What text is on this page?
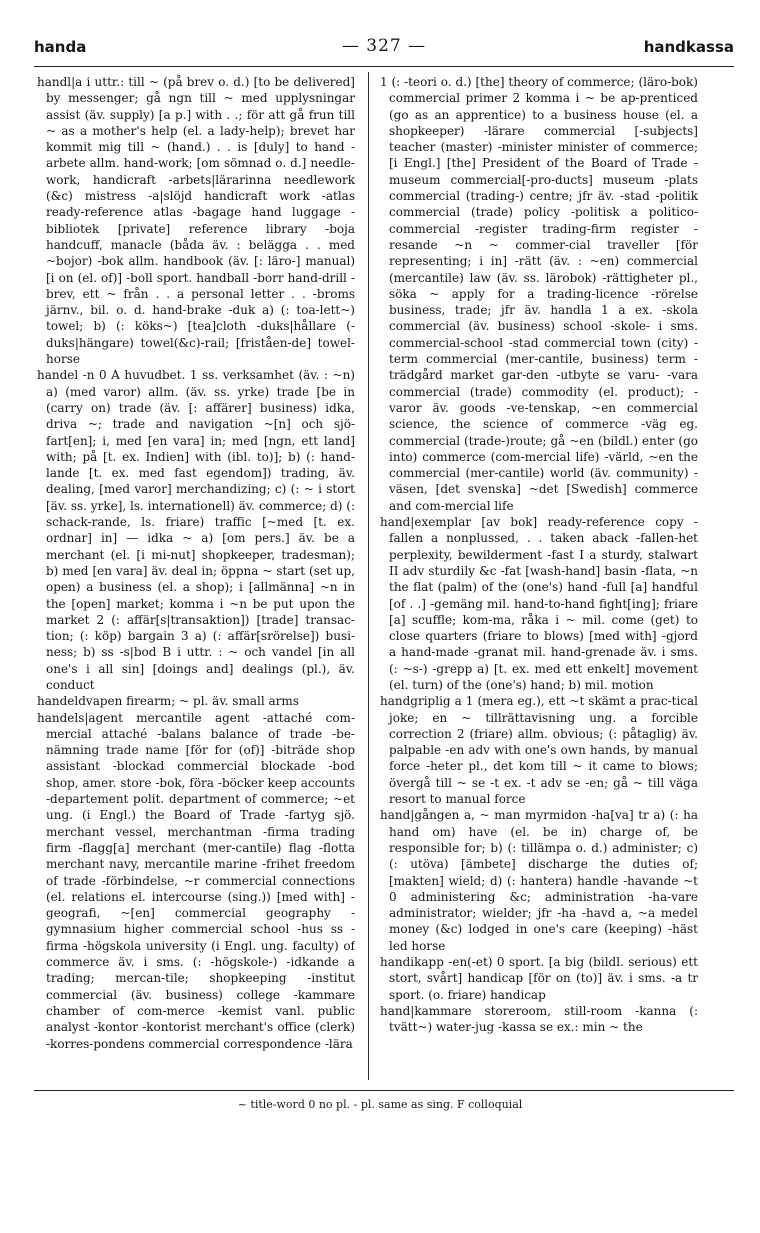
handa	— 327 —	handkassa

handl|a i uttr.: till ~ (på brev o. d.) [to be delivered] by messenger; gå ngn till ~ med upplysningar assist (äv. supply) [a p.] with . .; för att gå frun till ~ as a mother's help (el. a lady-help); brevet har kommit mig till ~ (hand.) . . is [duly] to hand -arbete allm. hand-work; [om sömnad o. d.] needle-work, handicraft -arbets|lärarinna needlework (&c) mistress -a|slöjd handicraft work -atlas ready-reference atlas -bagage hand luggage -bibliotek [private] reference library -boja handcuff, manacle (båda äv. : belägga . . med ~bojor) -bok allm. handbook (äv. [: läro-] manual) [i on (el. of)] -boll sport. handball -borr hand-drill -brev, ett ~ från . . a personal letter . . -broms järnv., bil. o. d. hand-brake -duk a) (: toa-lett~) towel; b) (: köks~) [tea]cloth -duks|hållare (-duks|hängare) towel(&c)-rail; [friståen-de] towel-horse

handel -n 0 A huvudbet. 1 ss. verksamhet (äv. : ~n) a) (med varor) allm. (äv. ss. yrke) trade [be in (carry on) trade (äv. [: affärer] business) idka, driva ~; trade and navigation ~[n] och sjö-fart[en]; i, med [en vara] in; med [ngn, ett land] with; på [t. ex. Indien] with (ibl. to)]; b) (: hand-lande [t. ex. med fast egendom]) trading, äv. dealing, [med varor] merchandizing; c) (: ~ i stort [äv. ss. yrke], ls. internationell) äv. commerce; d) (: schack-rande, ls. friare) traffic [~med [t. ex. ordnar] in] — idka ~ a) [om pers.] äv. be a merchant (el. [i mi-nut] shopkeeper, tradesman); b) med [en vara] äv. deal in; öppna ~ start (set up, open) a business (el. a shop); i [allmänna] ~n in the [open] market; komma i ~n be put upon the market 2 (: affär[s|transaktion]) [trade] transac-tion; (: köp) bargain 3 a) (: affär[srörelse]) busi-ness; b) ss -s|bod B i uttr. : ~ och vandel [in all one's i all sin] [doings and] dealings (pl.), äv. conduct

handeldvapen firearm; ~ pl. äv. small arms

handels|agent mercantile agent -attaché com-mercial attaché -balans balance of trade -be-nämning trade name [för for (of)] -biträde shop assistant -blockad commercial blockade -bod shop, amer. store -bok, föra -böcker keep accounts -departement polit. department of commerce; ~et ung. (i Engl.) the Board of Trade -fartyg sjö. merchant vessel, merchantman -firma trading firm -flagg[a] merchant (mer-cantile) flag -flotta merchant navy, mercantile marine -frihet freedom of trade -förbindelse, ~r commercial connections (el. relations el. intercourse (sing.)) [med with] -geografi, ~[en] commercial geography -gymnasium higher commercial school -hus ss -firma -högskola university (i Engl. ung. faculty) of commerce äv. i sms. (: -högskole-) -idkande a trading; mercan-tile; shopkeeping -institut commercial (äv. business) college -kammare chamber of com-merce -kemist vanl. public analyst -kontor -kontorist merchant's office (clerk) -korres-pondens commercial correspondence -lära

1 (: -teori o. d.) [the] theory of commerce; (läro-bok) commercial primer 2 komma i ~ be ap-prenticed (go as an apprentice) to a business house (el. a shopkeeper) -lärare commercial [-subjects] teacher (master) -minister minister of commerce; [i Engl.] [the] President of the Board of Trade -museum commercial[-pro-ducts] museum -plats commercial (trading-) centre; jfr äv. -stad -politik commercial (trade) policy -politisk a politico-commercial -register trading-firm register -resande ~n ~ commer-cial traveller [för representing; i in] -rätt (äv. : ~en) commercial (mercantile) law (äv. ss. lärobok) -rättigheter pl., söka ~ apply for a trading-licence -rörelse business, trade; jfr äv. handla 1 a ex. -skola commercial (äv. business) school -skole- i sms. commercial-school -stad commercial town (city) -term commercial (mer-cantile, business) term -trädgård market gar-den -utbyte se varu- -vara commercial (trade) commodity (el. product); -varor äv. goods -ve-tenskap, ~en commercial science, the science of commerce -väg eg. commercial (trade-)route; gå ~en (bildl.) enter (go into) commerce (com-mercial life) -värld, ~en the commercial (mer-cantile) world (äv. community) -väsen, [det svenska] ~det [Swedish] commerce and com-mercial life

hand|exemplar [av bok] ready-reference copy -fallen a nonplussed, . . taken aback -fallen-het perplexity, bewilderment -fast I a sturdy, stalwart II adv sturdily &c -fat [wash-hand] basin -flata, ~n the flat (palm) of the (one's) hand -full [a] handful [of . .] -gemäng mil. hand-to-hand fight[ing]; friare [a] scuffle; kom-ma, råka i ~ mil. come (get) to close quarters (friare to blows) [med with] -gjord a hand-made -granat mil. hand-grenade äv. i sms. (: ~s-) -grepp a) [t. ex. med ett enkelt] movement (el. turn) of the (one's) hand; b) mil. motion

handgriplig a 1 (mera eg.), ett ~t skämt a prac-tical joke; en ~ tillrättavisning ung. a forcible correction 2 (friare) allm. obvious; (: påtaglig) äv. palpable -en adv with one's own hands, by manual force -heter pl., det kom till ~ it came to blows; övergå till ~ se -t ex. -t adv se -en; gå ~ till väga resort to manual force

hand|gången a, ~ man myrmidon -ha[va] tr a) (: ha hand om) have (el. be in) charge of, be responsible for; b) (: tillämpa o. d.) administer; c) (: utöva) [ämbete] discharge the duties of; [makten] wield; d) (: hantera) handle -havande ~t 0 administering &c; administration -ha-vare administrator; wielder; jfr -ha -havd a, ~a medel money (&c) lodged in one's care (keeping) -häst led horse

handikapp -en(-et) 0 sport. [a big (bildl. serious) ett stort, svårt] handicap [för on (to)] äv. i sms. -a tr sport. (o. friare) handicap

hand|kammare storeroom, still-room -kanna (: tvätt~) water-jug -kassa se ex.: min ~ the

~ title-word 0 no pl. - pl. same as sing. F colloquial
